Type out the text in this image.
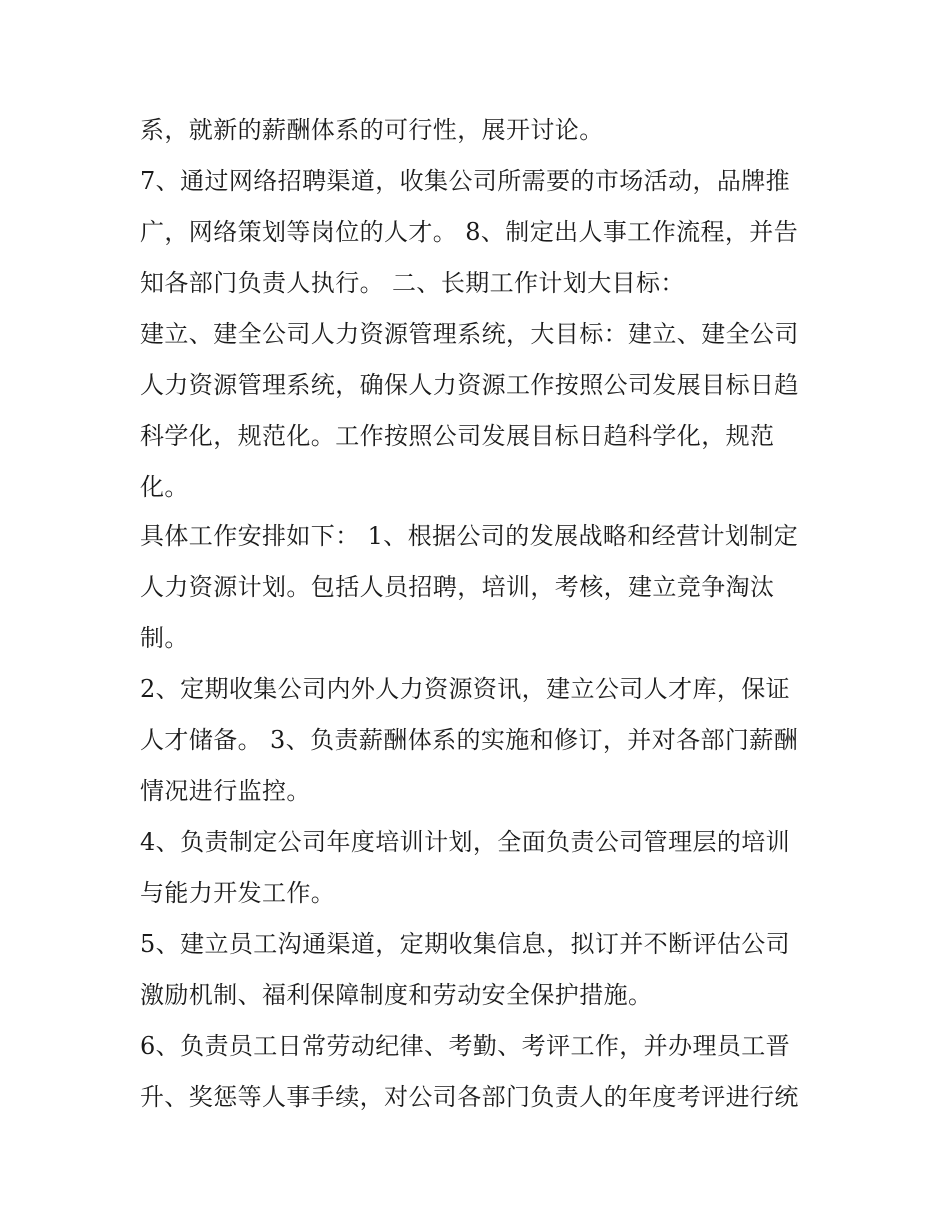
系，就新的薪酬体系的可行性，展开讨论。

7、通过网络招聘渠道，收集公司所需要的市场活动，品牌推

广，网络策划等岗位的人才。 8、制定出人事工作流程，并告

知各部门负责人执行。 二、长期工作计划大目标：

建立、建全公司人力资源管理系统，大目标：建立、建全公司

人力资源管理系统，确保人力资源工作按照公司发展目标日趋

科学化，规范化。工作按照公司发展目标日趋科学化，规范

化。

具体工作安排如下： 1、根据公司的发展战略和经营计划制定

人力资源计划。包括人员招聘，培训，考核，建立竞争淘汰

制。

2、定期收集公司内外人力资源资讯，建立公司人才库，保证

人才储备。 3、负责薪酬体系的实施和修订，并对各部门薪酬

情况进行监控。

4、负责制定公司年度培训计划，全面负责公司管理层的培训

与能力开发工作。

5、建立员工沟通渠道，定期收集信息，拟订并不断评估公司

激励机制、福利保障制度和劳动安全保护措施。

6、负责员工日常劳动纪律、考勤、考评工作，并办理员工晋

升、奖惩等人事手续，对公司各部门负责人的年度考评进行统
